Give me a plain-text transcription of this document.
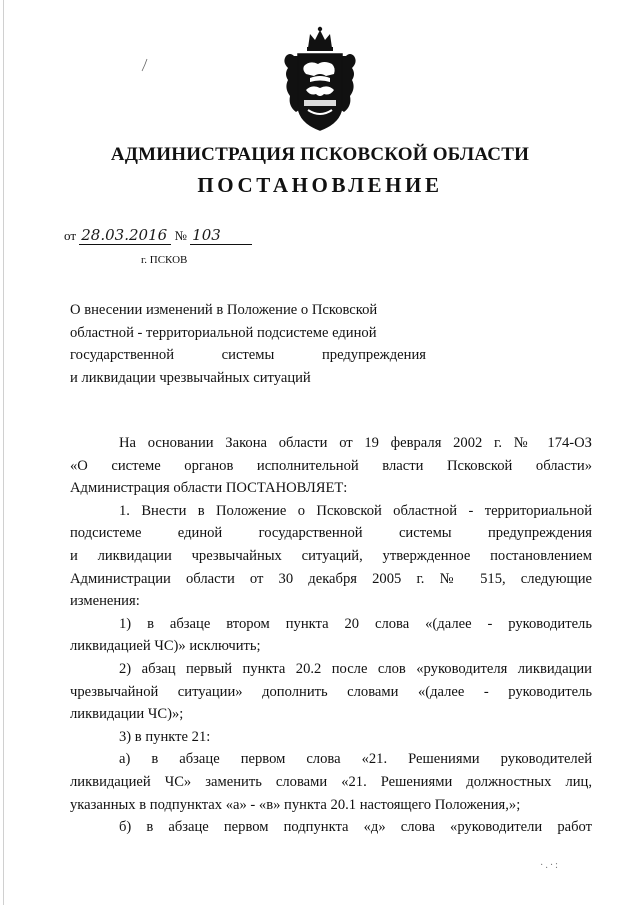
АДМИНИСТРАЦИЯ ПСКОВСКОЙ ОБЛАСТИ
ПОСТАНОВЛЕНИЕ
от 28.03.2016 № 103
г. ПСКОВ
О внесении изменений в Положение о Псковской
областной - территориальной подсистеме единой
государственной системы предупреждения
и ликвидации чрезвычайных ситуаций
На основании Закона области от 19 февраля 2002 г. № 174-ОЗ
«О системе органов исполнительной власти Псковской области»
Администрация области ПОСТАНОВЛЯЕТ:
1. Внести в Положение о Псковской областной - территориальной
подсистеме единой государственной системы предупреждения
и ликвидации чрезвычайных ситуаций, утвержденное постановлением
Администрации области от 30 декабря 2005 г. № 515, следующие
изменения:
1) в абзаце втором пункта 20 слова «(далее - руководитель
ликвидацией ЧС)» исключить;
2) абзац первый пункта 20.2 после слов «руководителя ликвидации
чрезвычайной ситуации» дополнить словами «(далее - руководитель
ликвидации ЧС)»;
3) в пункте 21:
а) в абзаце первом слова «21. Решениями руководителей
ликвидацией ЧС» заменить словами «21. Решениями должностных лиц,
указанных в подпунктах «а» - «в» пункта 20.1 настоящего Положения,»;
б) в абзаце первом подпункта «д» слова «руководители работ
·.·:
